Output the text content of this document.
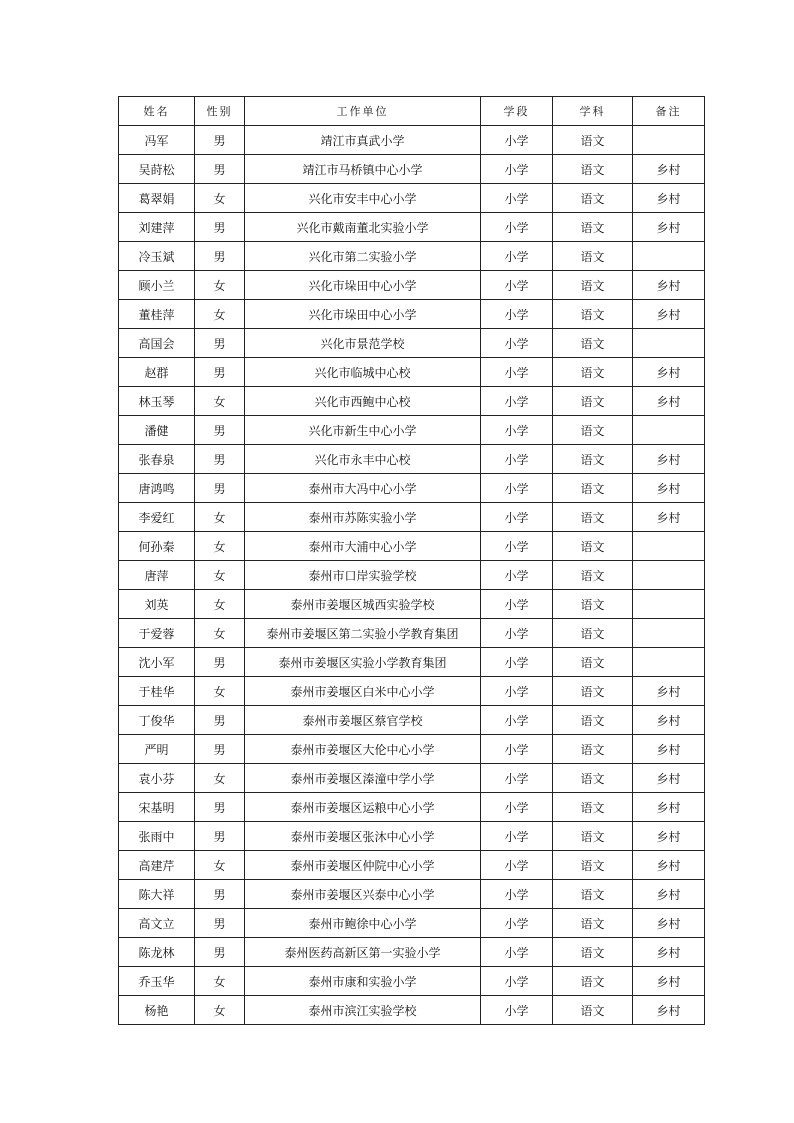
姓名	性别	工作单位	学段	学科	备注
冯军	男	靖江市真武小学	小学	语文	
吴莳松	男	靖江市马桥镇中心小学	小学	语文	乡村
葛翠娟	女	兴化市安丰中心小学	小学	语文	乡村
刘建萍	男	兴化市戴南董北实验小学	小学	语文	乡村
冷玉斌	男	兴化市第二实验小学	小学	语文	
顾小兰	女	兴化市垛田中心小学	小学	语文	乡村
董桂萍	女	兴化市垛田中心小学	小学	语文	乡村
高国会	男	兴化市景范学校	小学	语文	
赵群	男	兴化市临城中心校	小学	语文	乡村
林玉琴	女	兴化市西鲍中心校	小学	语文	乡村
潘健	男	兴化市新生中心小学	小学	语文	
张春泉	男	兴化市永丰中心校	小学	语文	乡村
唐鸿鸣	男	泰州市大冯中心小学	小学	语文	乡村
李爱红	女	泰州市苏陈实验小学	小学	语文	乡村
何孙秦	女	泰州市大浦中心小学	小学	语文	
唐萍	女	泰州市口岸实验学校	小学	语文	
刘英	女	泰州市姜堰区城西实验学校	小学	语文	
于爱蓉	女	泰州市姜堰区第二实验小学教育集团	小学	语文	
沈小军	男	泰州市姜堰区实验小学教育集团	小学	语文	
于桂华	女	泰州市姜堰区白米中心小学	小学	语文	乡村
丁俊华	男	泰州市姜堰区蔡官学校	小学	语文	乡村
严明	男	泰州市姜堰区大伦中心小学	小学	语文	乡村
袁小芬	女	泰州市姜堰区溱潼中学小学	小学	语文	乡村
宋基明	男	泰州市姜堰区运粮中心小学	小学	语文	乡村
张雨中	男	泰州市姜堰区张沐中心小学	小学	语文	乡村
高建芹	女	泰州市姜堰区仲院中心小学	小学	语文	乡村
陈大祥	男	泰州市姜堰区兴泰中心小学	小学	语文	乡村
高文立	男	泰州市鲍徐中心小学	小学	语文	乡村
陈龙林	男	泰州医药高新区第一实验小学	小学	语文	乡村
乔玉华	女	泰州市康和实验小学	小学	语文	乡村
杨艳	女	泰州市滨江实验学校	小学	语文	乡村
